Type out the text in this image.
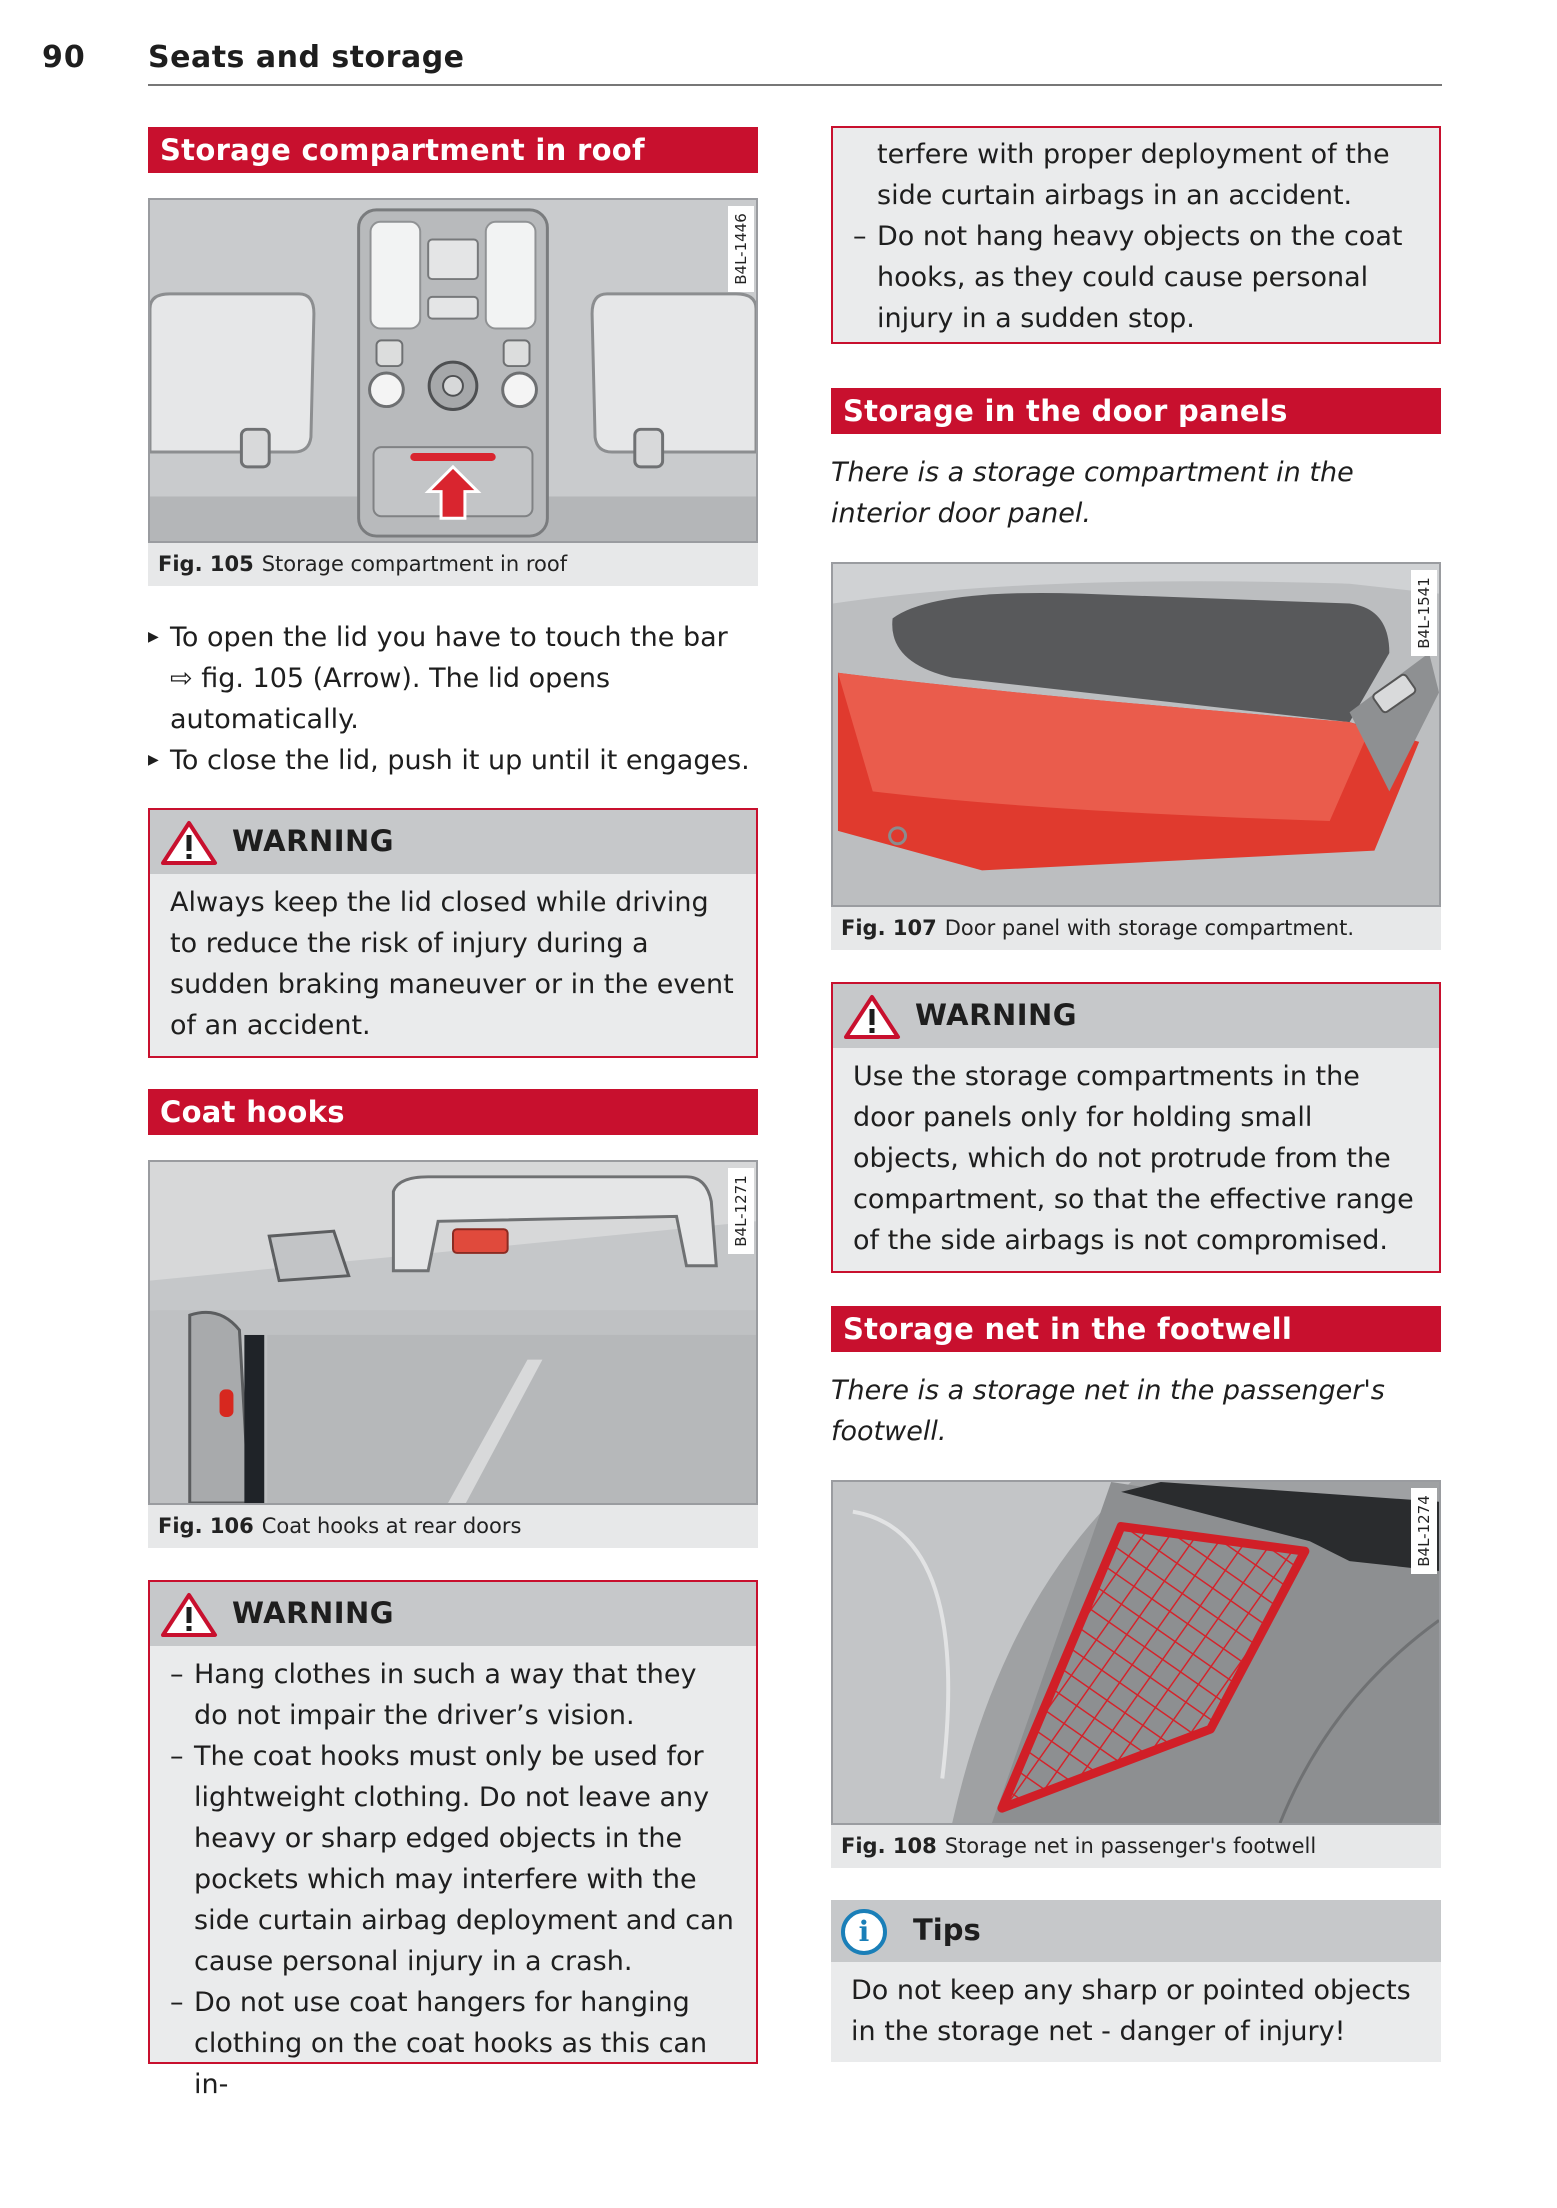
90 Seats and storage
Storage compartment in roof
B4L-1446
Fig. 105 Storage compartment in roof
▶ To open the lid you have to touch the bar ⇨ fig. 105 (Arrow). The lid opens automatically.
▶ To close the lid, push it up until it engages.
WARNING
Always keep the lid closed while driving to reduce the risk of injury during a sudden braking maneuver or in the event of an accident.
Coat hooks
B4L-1271
Fig. 106 Coat hooks at rear doors
WARNING
– Hang clothes in such a way that they do not impair the driver’s vision.
– The coat hooks must only be used for lightweight clothing. Do not leave any heavy or sharp edged objects in the pockets which may interfere with the side curtain airbag deployment and can cause personal injury in a crash.
– Do not use coat hangers for hanging clothing on the coat hooks as this can in-
terfere with proper deployment of the side curtain airbags in an accident.
– Do not hang heavy objects on the coat hooks, as they could cause personal injury in a sudden stop.
Storage in the door panels
There is a storage compartment in the interior door panel.
B4L-1541
Fig. 107 Door panel with storage compartment.
WARNING
Use the storage compartments in the door panels only for holding small objects, which do not protrude from the compartment, so that the effective range of the side airbags is not compromised.
Storage net in the footwell
There is a storage net in the passenger's footwell.
B4L-1274
Fig. 108 Storage net in passenger's footwell
i	Tips
Do not keep any sharp or pointed objects in the storage net - danger of injury!
